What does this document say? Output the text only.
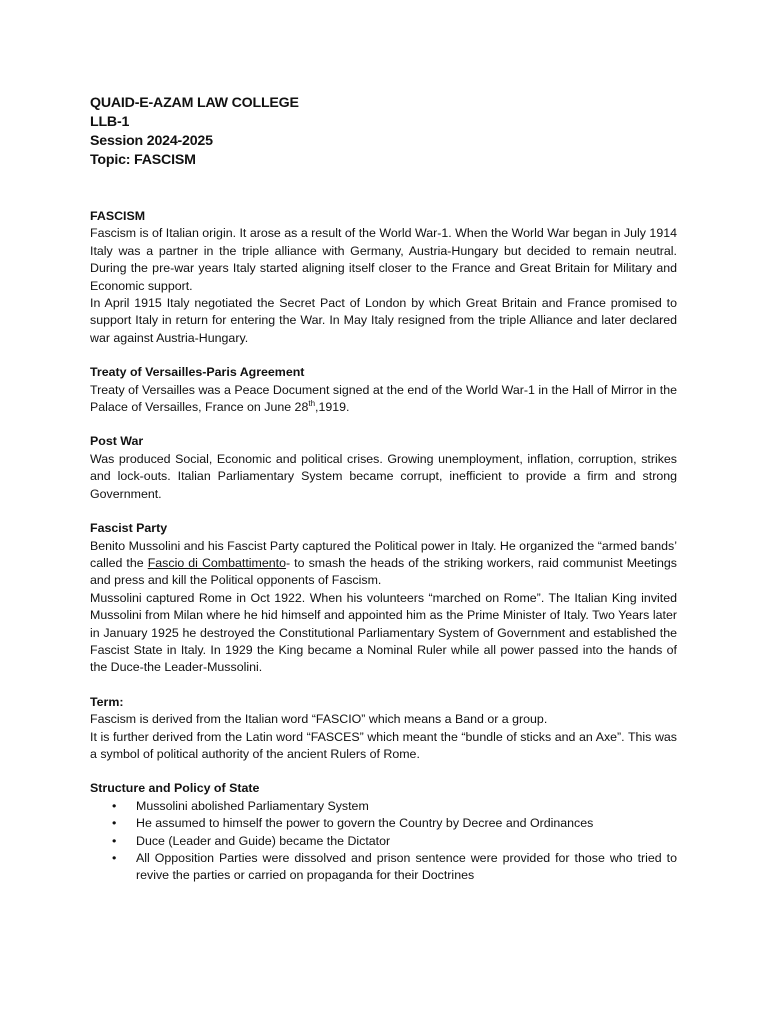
QUAID-E-AZAM LAW COLLEGE
LLB-1
Session 2024-2025
Topic: FASCISM
FASCISM

Fascism is of Italian origin. It arose as a result of the World War-1. When the World War began in July 1914 Italy was a partner in the triple alliance with Germany, Austria-Hungary but decided to remain neutral. During the pre-war years Italy started aligning itself closer to the France and Great Britain for Military and Economic support.

In April 1915 Italy negotiated the Secret Pact of London by which Great Britain and France promised to support Italy in return for entering the War. In May Italy resigned from the triple Alliance and later declared war against Austria-Hungary.

Treaty of Versailles-Paris Agreement

Treaty of Versailles was a Peace Document signed at the end of the World War-1 in the Hall of Mirror in the Palace of Versailles, France on June 28th,1919.

Post War

Was produced Social, Economic and political crises. Growing unemployment, inflation, corruption, strikes and lock-outs. Italian Parliamentary System became corrupt, inefficient to provide a firm and strong Government.

Fascist Party

Benito Mussolini and his Fascist Party captured the Political power in Italy. He organized the “armed bands’ called the Fascio di Combattimento- to smash the heads of the striking workers, raid communist Meetings and press and kill the Political opponents of Fascism.

Mussolini captured Rome in Oct 1922. When his volunteers “marched on Rome”. The Italian King invited Mussolini from Milan where he hid himself and appointed him as the Prime Minister of Italy. Two Years later in January 1925 he destroyed the Constitutional Parliamentary System of Government and established the Fascist State in Italy. In 1929 the King became a Nominal Ruler while all power passed into the hands of the Duce-the Leader-Mussolini.

Term:

Fascism is derived from the Italian word “FASCIO” which means a Band or a group.

It is further derived from the Latin word “FASCES” which meant the “bundle of sticks and an Axe”. This was a symbol of political authority of the ancient Rulers of Rome.

Structure and Policy of State
• Mussolini abolished Parliamentary System
• He assumed to himself the power to govern the Country by Decree and Ordinances
• Duce (Leader and Guide) became the Dictator
• All Opposition Parties were dissolved and prison sentence were provided for those who tried to revive the parties or carried on propaganda for their Doctrines
